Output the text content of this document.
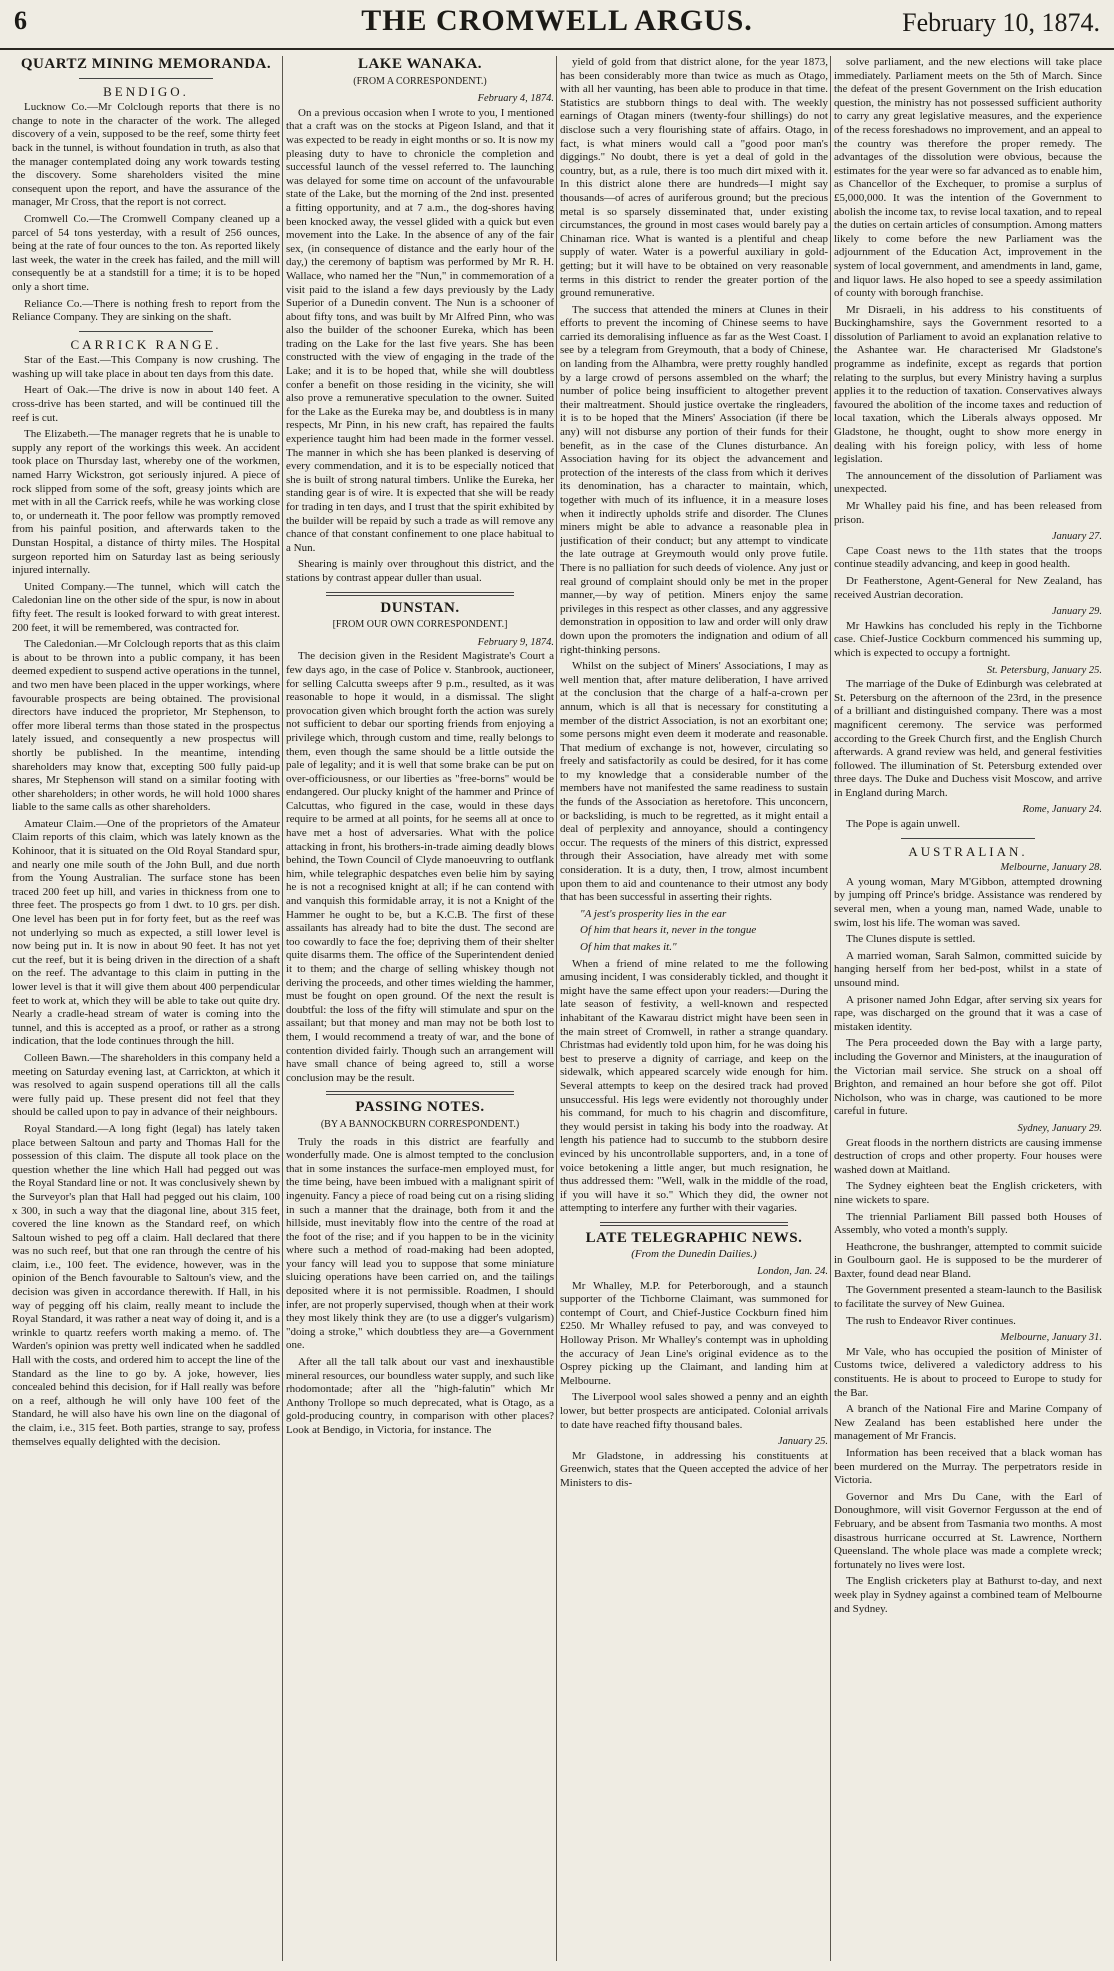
6	THE CROMWELL ARGUS.	February 10, 1874.
QUARTZ MINING MEMORANDA.
BENDIGO.

Lucknow Co.—Mr Colclough reports that there is no change to note in the character of the work. The alleged discovery of a vein, supposed to be the reef, some thirty feet back in the tunnel, is without foundation in truth, as also that the manager contemplated doing any work towards testing the discovery. Some shareholders visited the mine consequent upon the report, and have the assurance of the manager, Mr Cross, that the report is not correct.

Cromwell Co.—The Cromwell Company cleaned up a parcel of 54 tons yesterday, with a result of 256 ounces, being at the rate of four ounces to the ton. As reported likely last week, the water in the creek has failed, and the mill will consequently be at a standstill for a time; it is to be hoped only a short time.

Reliance Co.—There is nothing fresh to report from the Reliance Company. They are sinking on the shaft.

CARRICK RANGE.

Star of the East.—This Company is now crushing. The washing up will take place in about ten days from this date.

Heart of Oak.—The drive is now in about 140 feet. A cross-drive has been started, and will be continued till the reef is cut.

The Elizabeth.—The manager regrets that he is unable to supply any report of the workings this week. An accident took place on Thursday last, whereby one of the workmen, named Harry Wickstron, got seriously injured. A piece of rock slipped from some of the soft, greasy joints which are met with in all the Carrick reefs, while he was working close to, or underneath it. The poor fellow was promptly removed from his painful position, and afterwards taken to the Dunstan Hospital, a distance of thirty miles. The Hospital surgeon reported him on Saturday last as being seriously injured internally.

United Company.—The tunnel, which will catch the Caledonian line on the other side of the spur, is now in about fifty feet. The result is looked forward to with great interest. 200 feet, it will be remembered, was contracted for.

The Caledonian.—Mr Colclough reports that as this claim is about to be thrown into a public company, it has been deemed expedient to suspend active operations in the tunnel, and two men have been placed in the upper workings, where favourable prospects are being obtained. The provisional directors have induced the proprietor, Mr Stephenson, to offer more liberal terms than those stated in the prospectus lately issued, and consequently a new prospectus will shortly be published. In the meantime, intending shareholders may know that, excepting 500 fully paid-up shares, Mr Stephenson will stand on a similar footing with other shareholders; in other words, he will hold 1000 shares liable to the same calls as other shareholders.

Amateur Claim.—One of the proprietors of the Amateur Claim reports of this claim, which was lately known as the Kohinoor, that it is situated on the Old Royal Standard spur, and nearly one mile south of the John Bull, and due north from the Young Australian. The surface stone has been traced 200 feet up hill, and varies in thickness from one to three feet. The prospects go from 1 dwt. to 10 grs. per dish. One level has been put in for forty feet, but as the reef was not underlying so much as expected, a still lower level is now being put in. It is now in about 90 feet. It has not yet cut the reef, but it is being driven in the direction of a shaft on the reef. The advantage to this claim in putting in the lower level is that it will give them about 400 perpendicular feet to work at, which they will be able to take out quite dry. Nearly a cradle-head stream of water is coming into the tunnel, and this is accepted as a proof, or rather as a strong indication, that the lode continues through the hill.

Colleen Bawn.—The shareholders in this company held a meeting on Saturday evening last, at Carrickton, at which it was resolved to again suspend operations till all the calls were fully paid up. These present did not feel that they should be called upon to pay in advance of their neighbours.

Royal Standard.—A long fight (legal) has lately taken place between Saltoun and party and Thomas Hall for the possession of this claim. The dispute all took place on the question whether the line which Hall had pegged out was the Royal Standard line or not. It was conclusively shewn by the Surveyor's plan that Hall had pegged out his claim, 100 x 300, in such a way that the diagonal line, about 315 feet, covered the line known as the Standard reef, on which Saltoun wished to peg off a claim. Hall declared that there was no such reef, but that one ran through the centre of his claim, i.e., 100 feet. The evidence, however, was in the opinion of the Bench favourable to Saltoun's view, and the decision was given in accordance therewith. If Hall, in his way of pegging off his claim, really meant to include the Royal Standard, it was rather a neat way of doing it, and is a wrinkle to quartz reefers worth making a memo. of. The Warden's opinion was pretty well indicated when he saddled Hall with the costs, and ordered him to accept the line of the Standard as the line to go by. A joke, however, lies concealed behind this decision, for if Hall really was before on a reef, although he will only have 100 feet of the Standard, he will also have his own line on the diagonal of the claim, i.e., 315 feet. Both parties, strange to say, profess themselves equally delighted with the decision.

LAKE WANAKA.
(FROM A CORRESPONDENT.)
February 4, 1874.

On a previous occasion when I wrote to you, I mentioned that a craft was on the stocks at Pigeon Island, and that it was expected to be ready in eight months or so. It is now my pleasing duty to have to chronicle the completion and successful launch of the vessel referred to. The launching was delayed for some time on account of the unfavourable state of the Lake, but the morning of the 2nd inst. presented a fitting opportunity, and at 7 a.m., the dog-shores having been knocked away, the vessel glided with a quick but even movement into the Lake. In the absence of any of the fair sex, (in consequence of distance and the early hour of the day,) the ceremony of baptism was performed by Mr R. H. Wallace, who named her the "Nun," in commemoration of a visit paid to the island a few days previously by the Lady Superior of a Dunedin convent. The Nun is a schooner of about fifty tons, and was built by Mr Alfred Pinn, who was also the builder of the schooner Eureka, which has been trading on the Lake for the last five years. She has been constructed with the view of engaging in the trade of the Lake; and it is to be hoped that, while she will doubtless confer a benefit on those residing in the vicinity, she will also prove a remunerative speculation to the owner. Suited for the Lake as the Eureka may be, and doubtless is in many respects, Mr Pinn, in his new craft, has repaired the faults experience taught him had been made in the former vessel. The manner in which she has been planked is deserving of every commendation, and it is to be especially noticed that she is built of strong natural timbers. Unlike the Eureka, her standing gear is of wire. It is expected that she will be ready for trading in ten days, and I trust that the spirit exhibited by the builder will be repaid by such a trade as will remove any chance of that constant confinement to one place habitual to a Nun.

Shearing is mainly over throughout this district, and the stations by contrast appear duller than usual.

DUNSTAN.
[FROM OUR OWN CORRESPONDENT.]
February 9, 1874.

The decision given in the Resident Magistrate's Court a few days ago, in the case of Police v. Stanbrook, auctioneer, for selling Calcutta sweeps after 9 p.m., resulted, as it was reasonable to hope it would, in a dismissal. The slight provocation given which brought forth the action was surely not sufficient to debar our sporting friends from enjoying a privilege which, through custom and time, really belongs to them, even though the same should be a little outside the pale of legality; and it is well that some brake can be put on over-officiousness, or our liberties as "free-borns" would be endangered. Our plucky knight of the hammer and Prince of Calcuttas, who figured in the case, would in these days require to be armed at all points, for he seems all at once to have met a host of adversaries. What with the police attacking in front, his brothers-in-trade aiming deadly blows behind, the Town Council of Clyde manoeuvring to outflank him, while telegraphic despatches even belie him by saying he is not a recognised knight at all; if he can contend with and vanquish this formidable array, it is not a Knight of the Hammer he ought to be, but a K.C.B. The first of these assailants has already had to bite the dust. The second are too cowardly to face the foe; depriving them of their shelter quite disarms them. The office of the Superintendent denied it to them; and the charge of selling whiskey though not deriving the proceeds, and other times wielding the hammer, must be fought on open ground. Of the next the result is doubtful: the loss of the fifty will stimulate and spur on the assailant; but that money and man may not be both lost to them, I would recommend a treaty of war, and the bone of contention divided fairly. Though such an arrangement will have small chance of being agreed to, still a worse conclusion may be the result.

PASSING NOTES.
(BY A BANNOCKBURN CORRESPONDENT.)

Truly the roads in this district are fearfully and wonderfully made. One is almost tempted to the conclusion that in some instances the surface-men employed must, for the time being, have been imbued with a malignant spirit of ingenuity. Fancy a piece of road being cut on a rising sliding in such a manner that the drainage, both from it and the hillside, must inevitably flow into the centre of the road at the foot of the rise; and if you happen to be in the vicinity where such a method of road-making had been adopted, your fancy will lead you to suppose that some miniature sluicing operations have been carried on, and the tailings deposited where it is not permissible. Roadmen, I should infer, are not properly supervised, though when at their work they most likely think they are (to use a digger's vulgarism) "doing a stroke," which doubtless they are—a Government one.

After all the tall talk about our vast and inexhaustible mineral resources, our boundless water supply, and such like rhodomontade; after all the "high-falutin" which Mr Anthony Trollope so much deprecated, what is Otago, as a gold-producing country, in comparison with other places? Look at Bendigo, in Victoria, for instance. The

yield of gold from that district alone, for the year 1873, has been considerably more than twice as much as Otago, with all her vaunting, has been able to produce in that time. Statistics are stubborn things to deal with. The weekly earnings of Otagan miners (twenty-four shillings) do not disclose such a very flourishing state of affairs. Otago, in fact, is what miners would call a "good poor man's diggings." No doubt, there is yet a deal of gold in the country, but, as a rule, there is too much dirt mixed with it. In this district alone there are hundreds—I might say thousands—of acres of auriferous ground; but the precious metal is so sparsely disseminated that, under existing circumstances, the ground in most cases would barely pay a Chinaman rice. What is wanted is a plentiful and cheap supply of water. Water is a powerful auxiliary in gold-getting; but it will have to be obtained on very reasonable terms in this district to render the greater portion of the ground remunerative.

The success that attended the miners at Clunes in their efforts to prevent the incoming of Chinese seems to have carried its demoralising influence as far as the West Coast. I see by a telegram from Greymouth, that a body of Chinese, on landing from the Alhambra, were pretty roughly handled by a large crowd of persons assembled on the wharf; the number of police being insufficient to altogether prevent their maltreatment. Should justice overtake the ringleaders, it is to be hoped that the Miners' Association (if there be any) will not disburse any portion of their funds for their benefit, as in the case of the Clunes disturbance. An Association having for its object the advancement and protection of the interests of the class from which it derives its denomination, has a character to maintain, which, together with much of its influence, it in a measure loses when it indirectly upholds strife and disorder. The Clunes miners might be able to advance a reasonable plea in justification of their conduct; but any attempt to vindicate the late outrage at Greymouth would only prove futile. There is no palliation for such deeds of violence. Any just or real ground of complaint should only be met in the proper manner,—by way of petition. Miners enjoy the same privileges in this respect as other classes, and any aggressive demonstration in opposition to law and order will only draw down upon the promoters the indignation and odium of all right-thinking persons.

Whilst on the subject of Miners' Associations, I may as well mention that, after mature deliberation, I have arrived at the conclusion that the charge of a half-a-crown per annum, which is all that is necessary for constituting a member of the district Association, is not an exorbitant one; some persons might even deem it moderate and reasonable. That medium of exchange is not, however, circulating so freely and satisfactorily as could be desired, for it has come to my knowledge that a considerable number of the members have not manifested the same readiness to sustain the funds of the Association as heretofore. This unconcern, or backsliding, is much to be regretted, as it might entail a deal of perplexity and annoyance, should a contingency occur. The requests of the miners of this district, expressed through their Association, have already met with some consideration. It is a duty, then, I trow, almost incumbent upon them to aid and countenance to their utmost any body that has been successful in asserting their rights.

"A jest's prosperity lies in the ear

Of him that hears it, never in the tongue

Of him that makes it."

When a friend of mine related to me the following amusing incident, I was considerably tickled, and thought it might have the same effect upon your readers:—During the late season of festivity, a well-known and respected inhabitant of the Kawarau district might have been seen in the main street of Cromwell, in rather a strange quandary. Christmas had evidently told upon him, for he was doing his best to preserve a dignity of carriage, and keep on the sidewalk, which appeared scarcely wide enough for him. Several attempts to keep on the desired track had proved unsuccessful. His legs were evidently not thoroughly under his command, for much to his chagrin and discomfiture, they would persist in taking his body into the roadway. At length his patience had to succumb to the stubborn desire evinced by his uncontrollable supporters, and, in a tone of voice betokening a little anger, but much resignation, he thus addressed them: "Well, walk in the middle of the road, if you will have it so." Which they did, the owner not attempting to interfere any further with their vagaries.

LATE TELEGRAPHIC NEWS.

(From the Dunedin Dailies.)

London, Jan. 24.

Mr Whalley, M.P. for Peterborough, and a staunch supporter of the Tichborne Claimant, was summoned for contempt of Court, and Chief-Justice Cockburn fined him £250. Mr Whalley refused to pay, and was conveyed to Holloway Prison. Mr Whalley's contempt was in upholding the accuracy of Jean Line's original evidence as to the Osprey picking up the Claimant, and landing him at Melbourne.

The Liverpool wool sales showed a penny and an eighth lower, but better prospects are anticipated. Colonial arrivals to date have reached fifty thousand bales.

January 25.

Mr Gladstone, in addressing his constituents at Greenwich, states that the Queen accepted the advice of her Ministers to dis-

solve parliament, and the new elections will take place immediately. Parliament meets on the 5th of March. Since the defeat of the present Government on the Irish education question, the ministry has not possessed sufficient authority to carry any great legislative measures, and the experience of the recess foreshadows no improvement, and an appeal to the country was therefore the proper remedy. The advantages of the dissolution were obvious, because the estimates for the year were so far advanced as to enable him, as Chancellor of the Exchequer, to promise a surplus of £5,000,000. It was the intention of the Government to abolish the income tax, to revise local taxation, and to repeal the duties on certain articles of consumption. Among matters likely to come before the new Parliament was the adjournment of the Education Act, improvement in the system of local government, and amendments in land, game, and liquor laws. He also hoped to see a speedy assimilation of county with borough franchise.

Mr Disraeli, in his address to his constituents of Buckinghamshire, says the Government resorted to a dissolution of Parliament to avoid an explanation relative to the Ashantee war. He characterised Mr Gladstone's programme as indefinite, except as regards that portion relating to the surplus, but every Ministry having a surplus applies it to the reduction of taxation. Conservatives always favoured the abolition of the income taxes and reduction of local taxation, which the Liberals always opposed. Mr Gladstone, he thought, ought to show more energy in dealing with his foreign policy, with less of home legislation.

The announcement of the dissolution of Parliament was unexpected.

Mr Whalley paid his fine, and has been released from prison.

January 27.

Cape Coast news to the 11th states that the troops continue steadily advancing, and keep in good health.

Dr Featherstone, Agent-General for New Zealand, has received Austrian decoration.

January 29.

Mr Hawkins has concluded his reply in the Tichborne case. Chief-Justice Cockburn commenced his summing up, which is expected to occupy a fortnight.

St. Petersburg, January 25.

The marriage of the Duke of Edinburgh was celebrated at St. Petersburg on the afternoon of the 23rd, in the presence of a brilliant and distinguished company. There was a most magnificent ceremony. The service was performed according to the Greek Church first, and the English Church afterwards. A grand review was held, and general festivities followed. The illumination of St. Petersburg extended over three days. The Duke and Duchess visit Moscow, and arrive in England during March.

Rome, January 24.

The Pope is again unwell.

AUSTRALIAN.
Melbourne, January 28.

A young woman, Mary M'Gibbon, attempted drowning by jumping off Prince's bridge. Assistance was rendered by several men, when a young man, named Wade, unable to swim, lost his life. The woman was saved.

The Clunes dispute is settled.

A married woman, Sarah Salmon, committed suicide by hanging herself from her bed-post, whilst in a state of unsound mind.

A prisoner named John Edgar, after serving six years for rape, was discharged on the ground that it was a case of mistaken identity.

The Pera proceeded down the Bay with a large party, including the Governor and Ministers, at the inauguration of the Victorian mail service. She struck on a shoal off Brighton, and remained an hour before she got off. Pilot Nicholson, who was in charge, was cautioned to be more careful in future.

Sydney, January 29.

Great floods in the northern districts are causing immense destruction of crops and other property. Four houses were washed down at Maitland.

The Sydney eighteen beat the English cricketers, with nine wickets to spare.

The triennial Parliament Bill passed both Houses of Assembly, who voted a month's supply.

Heathcrone, the bushranger, attempted to commit suicide in Goulbourn gaol. He is supposed to be the murderer of Baxter, found dead near Bland.

The Government presented a steam-launch to the Basilisk to facilitate the survey of New Guinea.

The rush to Endeavor River continues.

Melbourne, January 31.

Mr Vale, who has occupied the position of Minister of Customs twice, delivered a valedictory address to his constituents. He is about to proceed to Europe to study for the Bar.

A branch of the National Fire and Marine Company of New Zealand has been established here under the management of Mr Francis.

Information has been received that a black woman has been murdered on the Murray. The perpetrators reside in Victoria.

Governor and Mrs Du Cane, with the Earl of Donoughmore, will visit Governor Fergusson at the end of February, and be absent from Tasmania two months. A most disastrous hurricane occurred at St. Lawrence, Northern Queensland. The whole place was made a complete wreck; fortunately no lives were lost.

The English cricketers play at Bathurst to-day, and next week play in Sydney against a combined team of Melbourne and Sydney.
